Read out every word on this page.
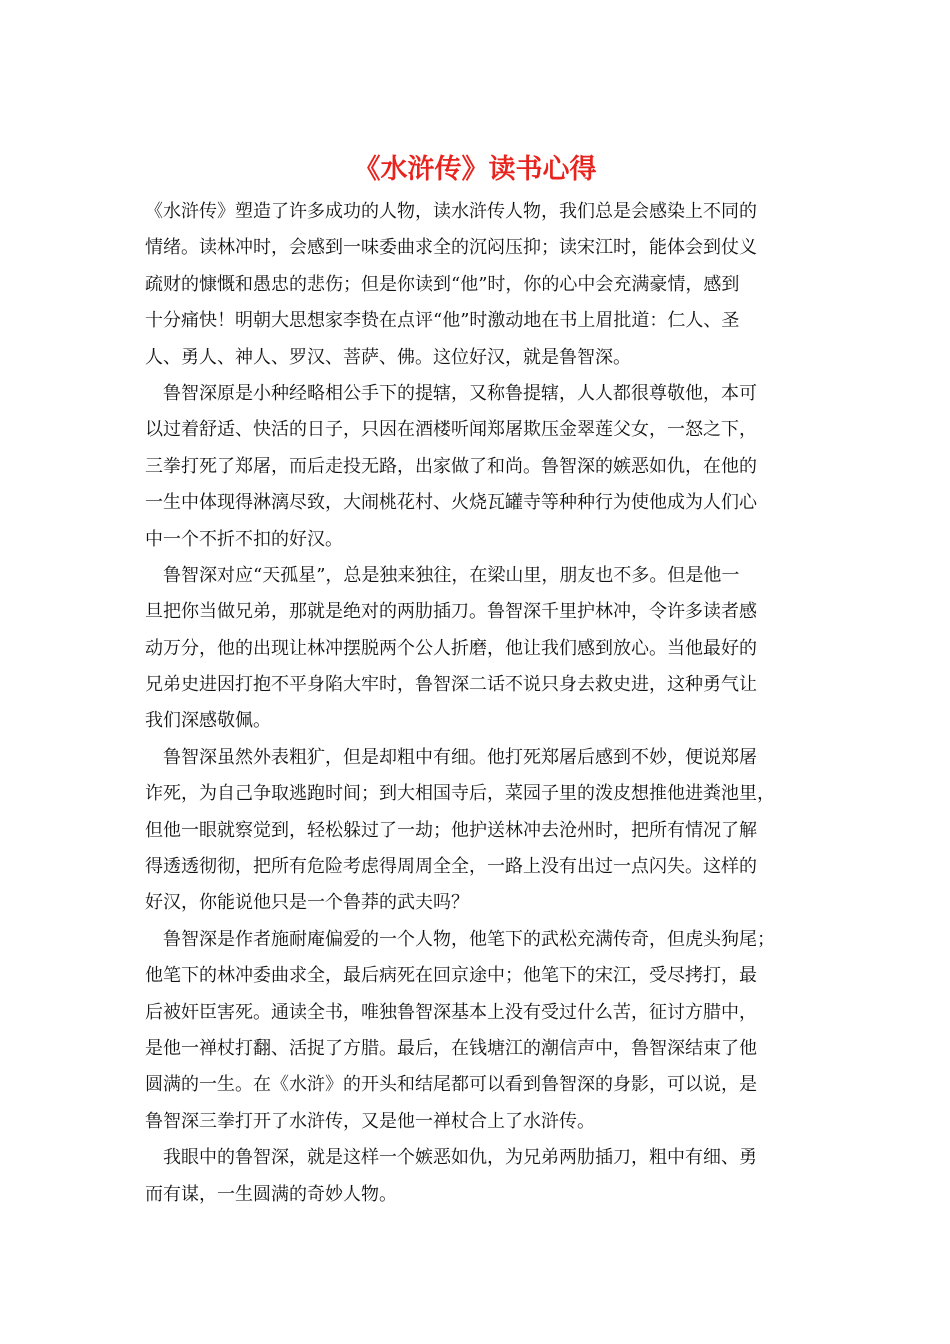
《水浒传》读书心得
《水浒传》塑造了许多成功的人物，读水浒传人物，我们总是会感染上不同的
情绪。读林冲时，会感到一味委曲求全的沉闷压抑；读宋江时，能体会到仗义
疏财的慷慨和愚忠的悲伤；但是你读到“他”时，你的心中会充满豪情，感到
十分痛快！明朝大思想家李贽在点评“他”时激动地在书上眉批道：仁人、圣
人、勇人、神人、罗汉、菩萨、佛。这位好汉，就是鲁智深。
鲁智深原是小种经略相公手下的提辖，又称鲁提辖，人人都很尊敬他，本可
以过着舒适、快活的日子，只因在酒楼听闻郑屠欺压金翠莲父女，一怒之下，
三拳打死了郑屠，而后走投无路，出家做了和尚。鲁智深的嫉恶如仇，在他的
一生中体现得淋漓尽致，大闹桃花村、火烧瓦罐寺等种种行为使他成为人们心
中一个不折不扣的好汉。
鲁智深对应“天孤星”，总是独来独往，在梁山里，朋友也不多。但是他一
旦把你当做兄弟，那就是绝对的两肋插刀。鲁智深千里护林冲，令许多读者感
动万分，他的出现让林冲摆脱两个公人折磨，他让我们感到放心。当他最好的
兄弟史进因打抱不平身陷大牢时，鲁智深二话不说只身去救史进，这种勇气让
我们深感敬佩。
鲁智深虽然外表粗犷，但是却粗中有细。他打死郑屠后感到不妙，便说郑屠
诈死，为自己争取逃跑时间；到大相国寺后，菜园子里的泼皮想推他进粪池里，
但他一眼就察觉到，轻松躲过了一劫；他护送林冲去沧州时，把所有情况了解
得透透彻彻，把所有危险考虑得周周全全，一路上没有出过一点闪失。这样的
好汉，你能说他只是一个鲁莽的武夫吗？
鲁智深是作者施耐庵偏爱的一个人物，他笔下的武松充满传奇，但虎头狗尾；
他笔下的林冲委曲求全，最后病死在回京途中；他笔下的宋江，受尽拷打，最
后被奸臣害死。通读全书，唯独鲁智深基本上没有受过什么苦，征讨方腊中，
是他一禅杖打翻、活捉了方腊。最后，在钱塘江的潮信声中，鲁智深结束了他
圆满的一生。在《水浒》的开头和结尾都可以看到鲁智深的身影，可以说，是
鲁智深三拳打开了水浒传，又是他一禅杖合上了水浒传。
我眼中的鲁智深，就是这样一个嫉恶如仇，为兄弟两肋插刀，粗中有细、勇
而有谋，一生圆满的奇妙人物。
